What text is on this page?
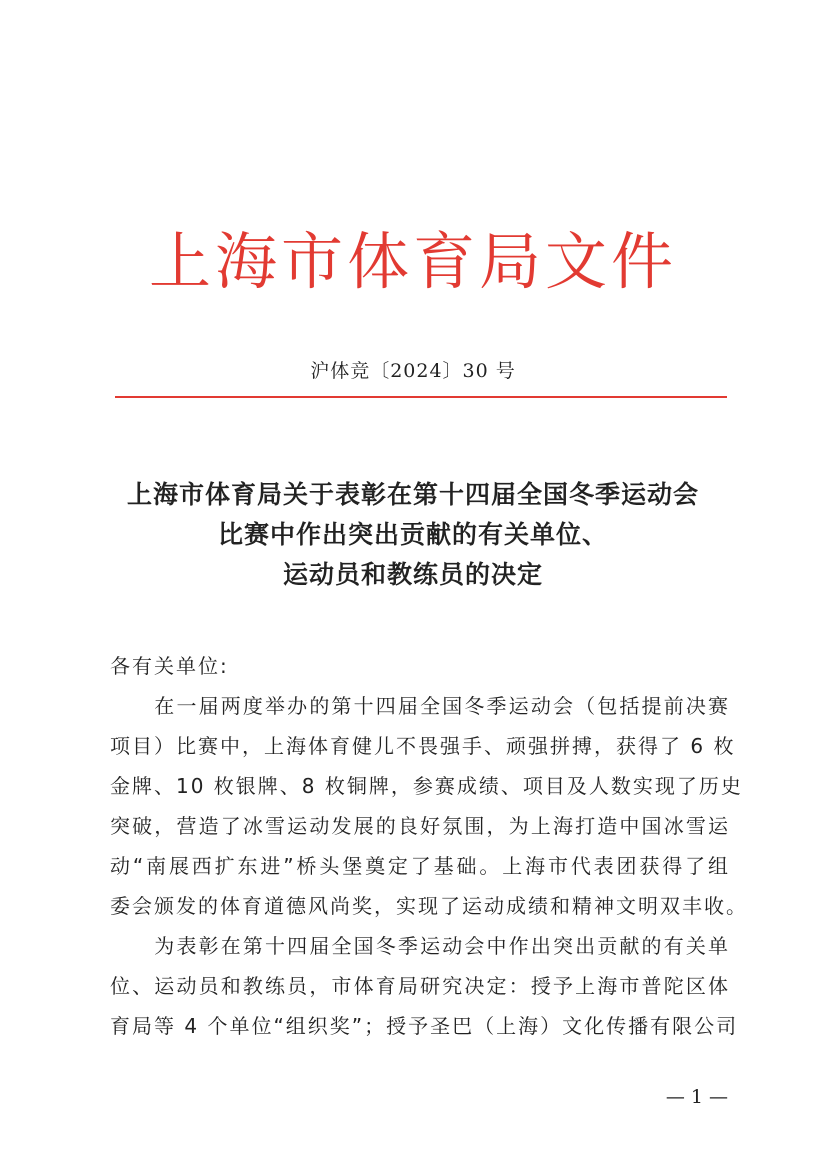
上海市体育局文件
沪体竞〔2024〕30 号
上海市体育局关于表彰在第十四届全国冬季运动会
比赛中作出突出贡献的有关单位、
运动员和教练员的决定
各有关单位:
　　在一届两度举办的第十四届全国冬季运动会（包括提前决赛
项目）比赛中，上海体育健儿不畏强手、顽强拼搏，获得了 6 枚
金牌、10 枚银牌、8 枚铜牌，参赛成绩、项目及人数实现了历史
突破，营造了冰雪运动发展的良好氛围，为上海打造中国冰雪运
动“南展西扩东进”桥头堡奠定了基础。上海市代表团获得了组
委会颁发的体育道德风尚奖，实现了运动成绩和精神文明双丰收。
　　为表彰在第十四届全国冬季运动会中作出突出贡献的有关单
位、运动员和教练员，市体育局研究决定：授予上海市普陀区体
育局等 4 个单位“组织奖”；授予圣巴（上海）文化传播有限公司
— 1 —
